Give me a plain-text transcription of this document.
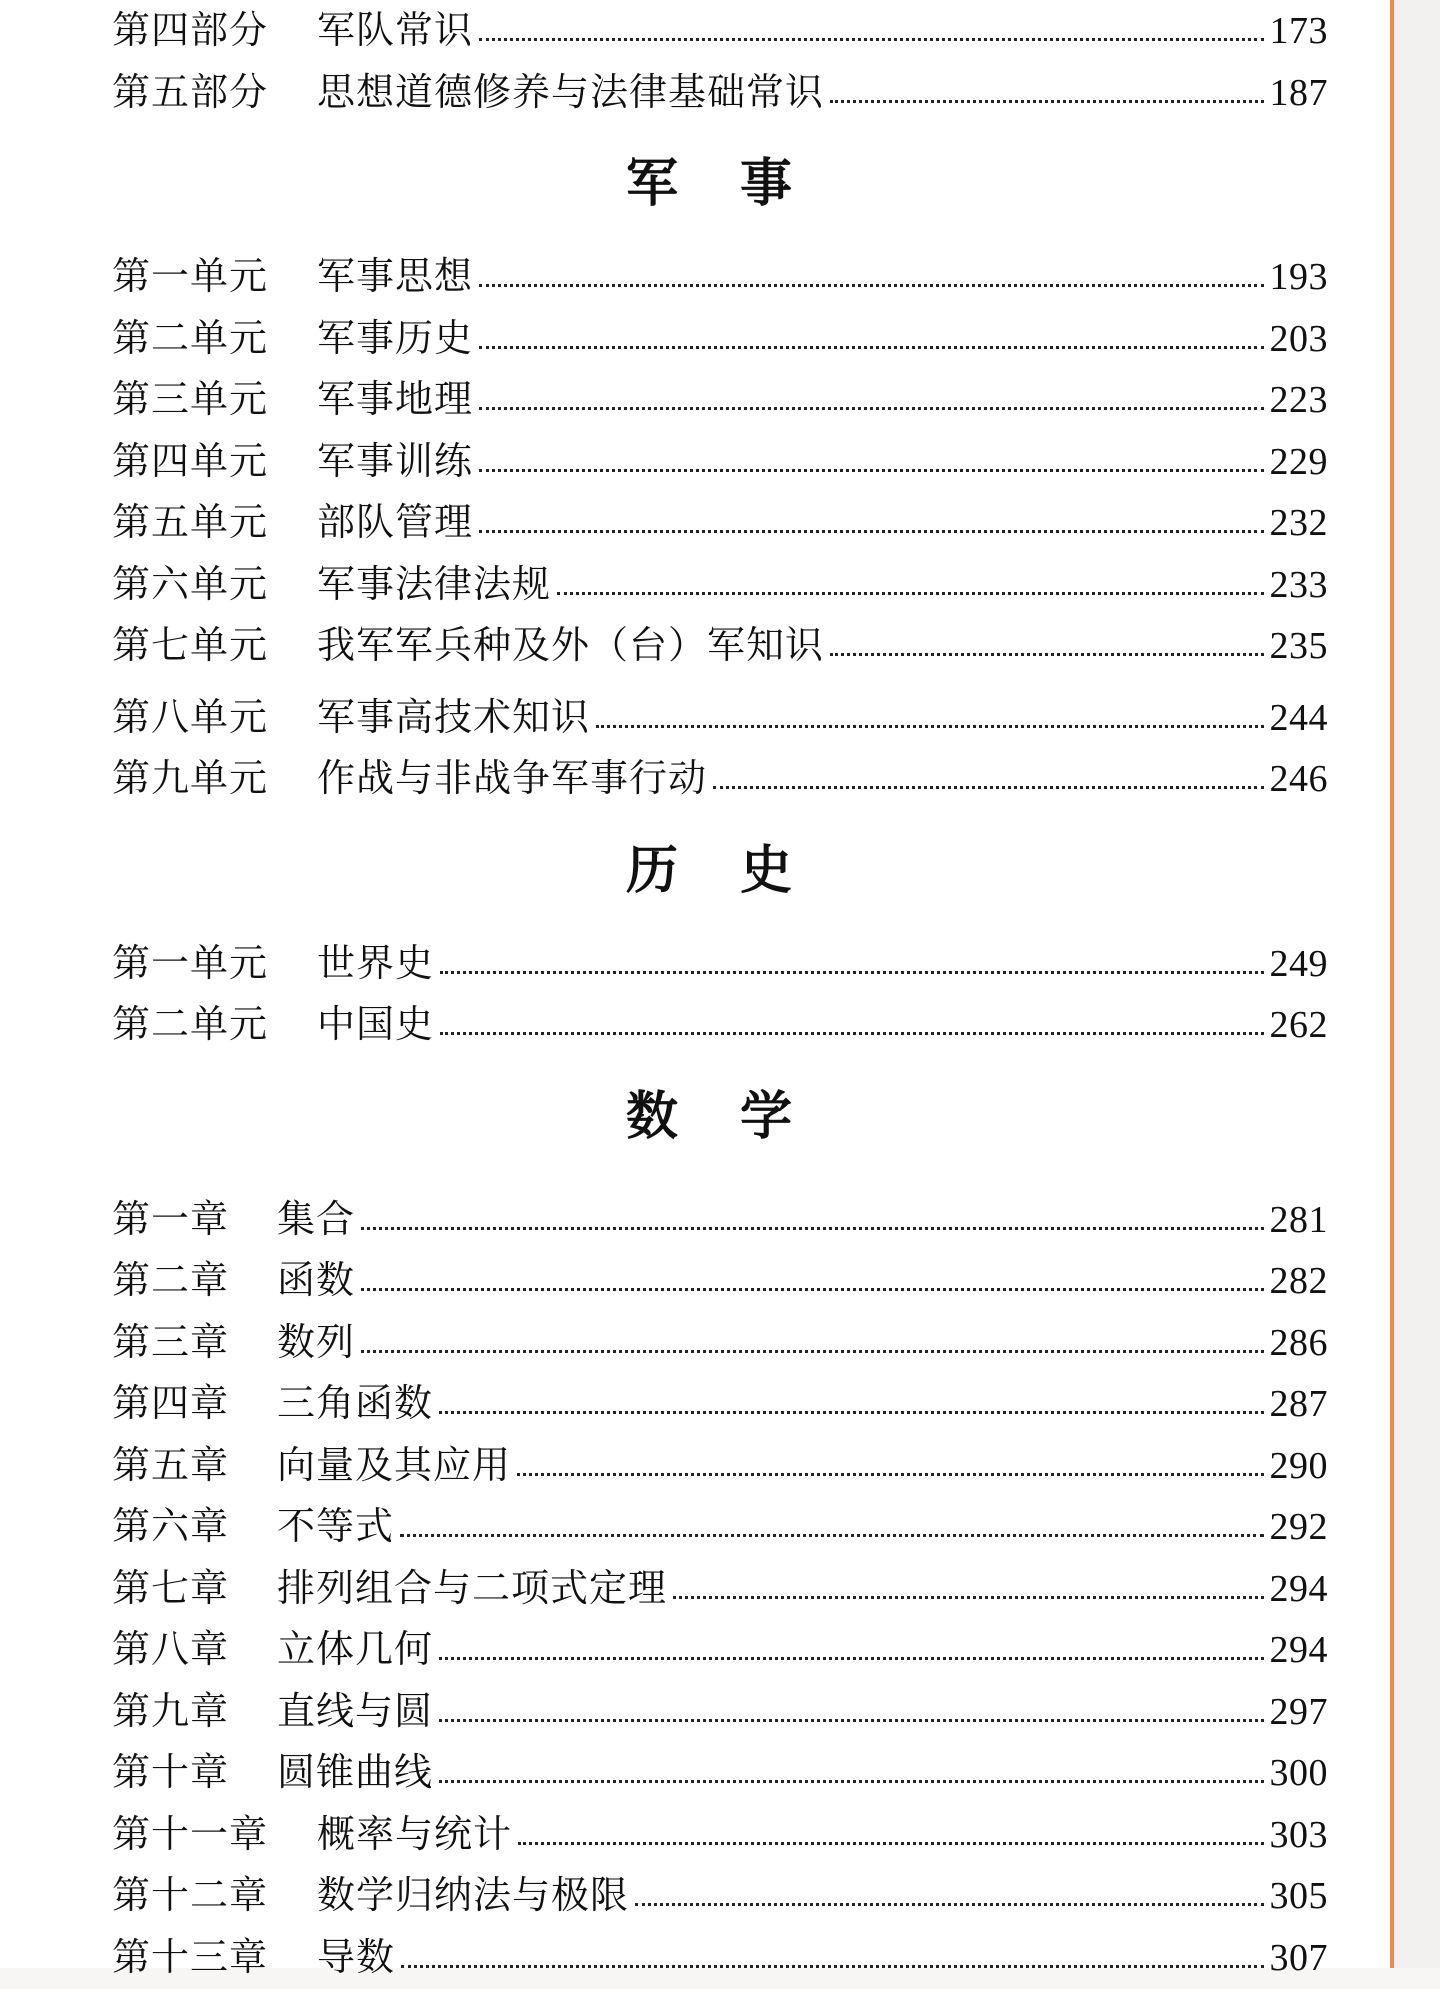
第四部分	军队常识	173
第五部分	思想道德修养与法律基础常识	187
军 事
第一单元	军事思想	193
第二单元	军事历史	203
第三单元	军事地理	223
第四单元	军事训练	229
第五单元	部队管理	232
第六单元	军事法律法规	233
第七单元	我军军兵种及外（台）军知识	235
第八单元	军事高技术知识	244
第九单元	作战与非战争军事行动	246
历 史
第一单元	世界史	249
第二单元	中国史	262
数 学
第一章	集合	281
第二章	函数	282
第三章	数列	286
第四章	三角函数	287
第五章	向量及其应用	290
第六章	不等式	292
第七章	排列组合与二项式定理	294
第八章	立体几何	294
第九章	直线与圆	297
第十章	圆锥曲线	300
第十一章	概率与统计	303
第十二章	数学归纳法与极限	305
第十三章	导数	307
